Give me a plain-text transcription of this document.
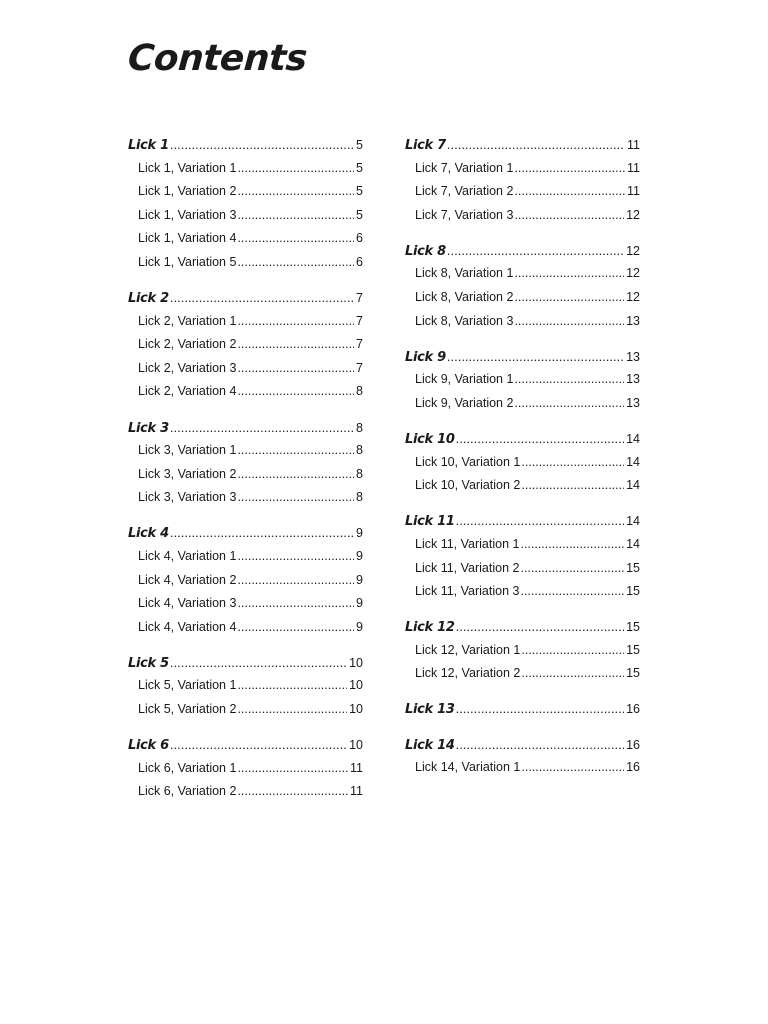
Contents
Lick 1 .....	5
Lick 1, Variation 1 .....	5
Lick 1, Variation 2 .....	5
Lick 1, Variation 3 .....	5
Lick 1, Variation 4 .....	6
Lick 1, Variation 5 .....	6
Lick 2 .....	7
Lick 2, Variation 1 .....	7
Lick 2, Variation 2 .....	7
Lick 2, Variation 3 .....	7
Lick 2, Variation 4 .....	8
Lick 3 .....	8
Lick 3, Variation 1 .....	8
Lick 3, Variation 2 .....	8
Lick 3, Variation 3 .....	8
Lick 4 .....	9
Lick 4, Variation 1 .....	9
Lick 4, Variation 2 .....	9
Lick 4, Variation 3 .....	9
Lick 4, Variation 4 .....	9
Lick 5 .....	10
Lick 5, Variation 1 .....	10
Lick 5, Variation 2 .....	10
Lick 6 .....	10
Lick 6, Variation 1 .....	11
Lick 6, Variation 2 .....	11
Lick 7 .....	11
Lick 7, Variation 1 .....	11
Lick 7, Variation 2 .....	11
Lick 7, Variation 3 .....	12
Lick 8 .....	12
Lick 8, Variation 1 .....	12
Lick 8, Variation 2 .....	12
Lick 8, Variation 3 .....	13
Lick 9 .....	13
Lick 9, Variation 1 .....	13
Lick 9, Variation 2 .....	13
Lick 10 .....	14
Lick 10, Variation 1 .....	14
Lick 10, Variation 2 .....	14
Lick 11 .....	14
Lick 11, Variation 1 .....	14
Lick 11, Variation 2 .....	15
Lick 11, Variation 3 .....	15
Lick 12 .....	15
Lick 12, Variation 1 .....	15
Lick 12, Variation 2 .....	15
Lick 13 .....	16
Lick 14 .....	16
Lick 14, Variation 1 .....	16
